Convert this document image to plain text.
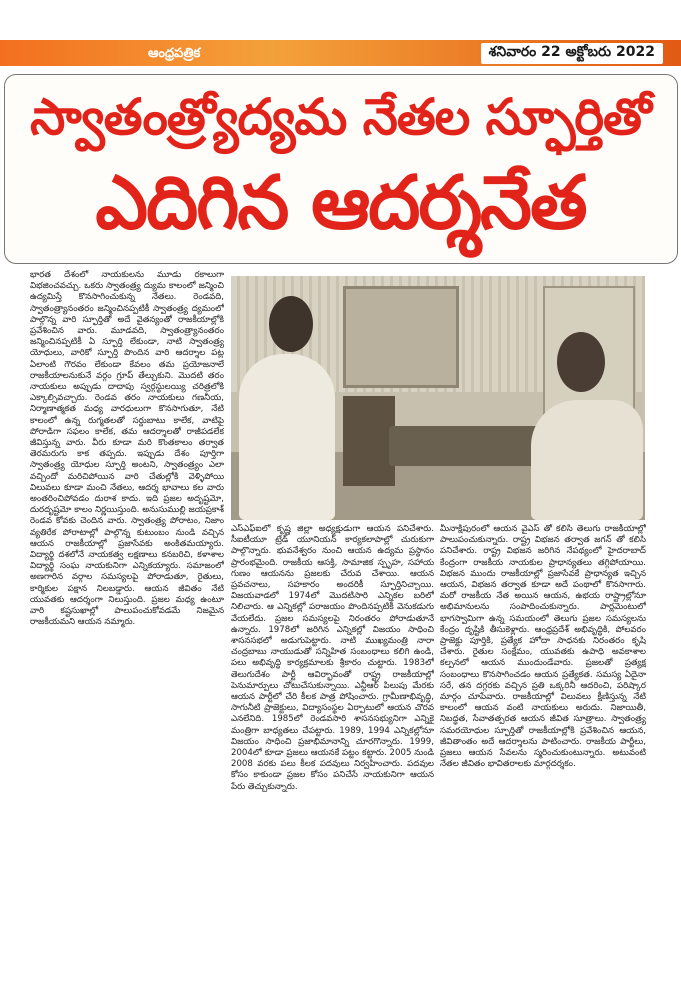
ఆంధ్రపత్రిక	శనివారం 22 అక్టోబరు 2022
స్వాతంత్ర్యోద్యమ నేతల స్ఫూర్తితో
ఎదిగిన ఆదర్శనేత
భారత దేశంలో నాయకులను మూడు రకాలుగా విభజించవచ్చు. ఒకరు స్వాతంత్ర్య ద్యుమ కాలంలో జన్మించి ఉద్యమిస్తే కొనసాగించుకున్న నేతలు. రెండవది, స్వాతంత్ర్యానంతరం జన్మించినప్పటికీ స్వాతంత్ర్య ద్యమంలో పాల్గొన్న వారి స్ఫూర్తితో అదే వైతన్యంతో రాజకీయాల్లోకి ప్రవేశించిన వారు. మూడవది, స్వాతంత్ర్యానంతరం జన్మించినప్పటికీ ఏ స్ఫూర్తి లేకుండా, నాటి స్వాతంత్ర్య యోధులు, వారికో స్ఫూర్తి పొందిన వారి ఆదర్శాల పట్ల ఏలాంటి గౌరవం లేకుండా కేవలం తమ ప్రయోజనాలే రాజకీయాలనుకునే వర్గం గ్రూప్ తేల్చుకుని. మొదటి తరం నాయకులు అప్పుడు దాదాపు స్వర్గస్థులయ్యి చరిత్రలోకి ఎక్కాల్సివచ్చారు. రెండవ తరం నాయకులు గణనీయ, నిర్మాణాత్మకత మధ్య వారధులుగా కొనసాగుతూ, నేటి కాలంలో ఉన్న రుగ్మతలతో సర్దుబాటు కాలేక, వాటిపై పోరాడిగా సఫలం కాలేక, తమ ఆదర్శాలతో రాజీపడలేక జీవిస్తున్న వారు. వీరు కూడా మరి కొంతకాలం తర్వాత తెరమరుగు కాక తప్పదు. ఇప్పుడు దేశం పూర్తిగా స్వాతంత్ర్య యోధుల స్ఫూర్తి అంటని, స్వాతంత్ర్యం ఎలా వచ్చిందో మరిచిపోయిన వారి చేతుల్లోకి వెళ్ళిపోయి విలువలు కూడా మంచి నేతలు, ఆదర్శ భావాలు కల వారు అంతరించిపోవడం దురాశ కాదు. ఇది ప్రజల అదృష్టమో, దురదృష్టమో కాలం నిర్ణయిస్తుంది. అనుసుముల్లి జయప్రకాశ్ రెండవ కోవకు చెందిన వారు. స్వాతంత్ర్య పోరాటం, నిజాం వ్యతిరేక పోరాటాల్లో పాల్గొన్న కుటుంబం నుండి వచ్చిన ఆయన రాజకీయాల్లో ప్రజాసేవకు అంకితమయ్యారు. విద్యార్థి దశలోనే నాయకత్వ లక్షణాలు కనబరిచి, కళాశాల విద్యార్థి సంఘ నాయకునిగా ఎన్నికయ్యారు. సమాజంలో అణగారిన వర్గాల సమస్యలపై పోరాడుతూ, రైతులు, కార్మికుల పక్షాన నిలబడ్డారు. ఆయన జీవితం నేటి యువతకు ఆదర్శంగా నిలుస్తుంది. ప్రజల మధ్య ఉంటూ వారి కష్టసుఖాల్లో పాలుపంచుకోవడమే నిజమైన రాజకీయమని ఆయన నమ్మారు.
ఎస్ఎఫ్ఐలో కృష్ణ జిల్లా అధ్యక్షుడుగా ఆయన పనిచేశారు. సీఐటీయూ ట్రేడ్ యూనియన్ కార్యకలాపాల్లో చురుకుగా పాల్గొన్నారు. భువనేశ్వరం నుంచి ఆయన ఉద్యమ ప్రస్థానం ప్రారంభమైంది. రాజకీయ ఆసక్తి, సామాజిక స్పృహ, సహాయ గుణం ఆయనను ప్రజలకు చేరువ చేశాయి. ఆయన ప్రవచనాలు, సహకారం అందరికీ స్ఫూర్తినిచ్చాయి. విజయవాడలో 1974లో మొదటిసారి ఎన్నికల బరిలో నిలిచారు. ఆ ఎన్నికల్లో పరాజయం పొందినప్పటికీ వెనుకడుగు వేయలేదు. ప్రజల సమస్యలపై నిరంతరం పోరాడుతూనే ఉన్నారు. 1978లో జరిగిన ఎన్నికల్లో విజయం సాధించి శాసనసభలో అడుగుపెట్టారు. నాటి ముఖ్యమంత్రి నారా చంద్రబాబు నాయుడుతో సన్నిహిత సంబంధాలు కలిగి ఉండి, పలు అభివృద్ధి కార్యక్రమాలకు శ్రీకారం చుట్టారు. 1983లో తెలుగుదేశం పార్టీ ఆవిర్భావంతో రాష్ట్ర రాజకీయాల్లో పెనుమార్పులు చోటుచేసుకున్నాయి. ఎన్టీఆర్ పిలుపు మేరకు ఆయన పార్టీలో చేరి కీలక పాత్ర పోషించారు. గ్రామీణాభివృద్ధి, సాగునీటి ప్రాజెక్టులు, విద్యాసంస్థల ఏర్పాటులో ఆయన చొరవ ఎనలేనిది. 1985లో రెండవసారి శాసనసభ్యునిగా ఎన్నికై మంత్రిగా బాధ్యతలు చేపట్టారు. 1989, 1994 ఎన్నికల్లోనూ విజయం సాధించి ప్రజాభిమానాన్ని చూరగొన్నారు. 1999, 2004లో కూడా ప్రజలు ఆయనకే పట్టం కట్టారు. 2005 నుండి 2008 వరకు పలు కీలక పదవులు నిర్వహించారు. పదవుల కోసం కాకుండా ప్రజల కోసం పనిచేసే నాయకునిగా ఆయన పేరు తెచ్చుకున్నారు.
మీనాక్షిపురంలో ఆయన వైఎస్ తో కలిసి తెలుగు రాజకీయాల్లో పాలుపంచుకున్నారు. రాష్ట్ర విభజన తర్వాత జగన్ తో కలిసి పనిచేశారు. రాష్ట్ర విభజన జరిగిన నేపథ్యంలో హైదరాబాద్ కేంద్రంగా రాజకీయ నాయకుల ప్రాధాన్యతలు తగ్గిపోయాయి. విభజన ముందు రాజకీయాల్లో ప్రజాసేవకే ప్రాధాన్యత ఇచ్చిన ఆయన, విభజన తర్వాత కూడా అదే పంథాలో కొనసాగారు. మరో రాజకీయ నేత అయిన ఆయన, ఉభయ రాష్ట్రాల్లోనూ అభిమానులను సంపాదించుకున్నారు. పార్లమెంటులో భాగస్వామిగా ఉన్న సమయంలో తెలుగు ప్రజల సమస్యలను కేంద్రం దృష్టికి తీసుకెళ్లారు. ఆంధ్రప్రదేశ్ అభివృద్ధికి, పోలవరం ప్రాజెక్టు పూర్తికి, ప్రత్యేక హోదా సాధనకు నిరంతరం కృషి చేశారు. రైతుల సంక్షేమం, యువతకు ఉపాధి అవకాశాల కల్పనలో ఆయన ముందుండేవారు. ప్రజలతో ప్రత్యక్ష సంబంధాలు కొనసాగించడం ఆయన ప్రత్యేకత. సమస్య ఏదైనా సరే, తన దగ్గరకు వచ్చిన ప్రతి ఒక్కరినీ ఆదరించి, పరిష్కార మార్గం చూపేవారు. రాజకీయాల్లో విలువలు క్షీణిస్తున్న నేటి కాలంలో ఆయన వంటి నాయకులు అరుదు. నిజాయితీ, నిబద్ధత, సేవాతత్పరత ఆయన జీవిత సూత్రాలు. స్వాతంత్ర్య సమరయోధుల స్ఫూర్తితో రాజకీయాల్లోకి ప్రవేశించిన ఆయన, జీవితాంతం అదే ఆదర్శాలను పాటించారు. రాజకీయ పార్టీలు, ప్రజలు ఆయన సేవలను స్మరించుకుంటున్నారు. అటువంటి నేతల జీవితం భావితరాలకు మార్గదర్శకం.
